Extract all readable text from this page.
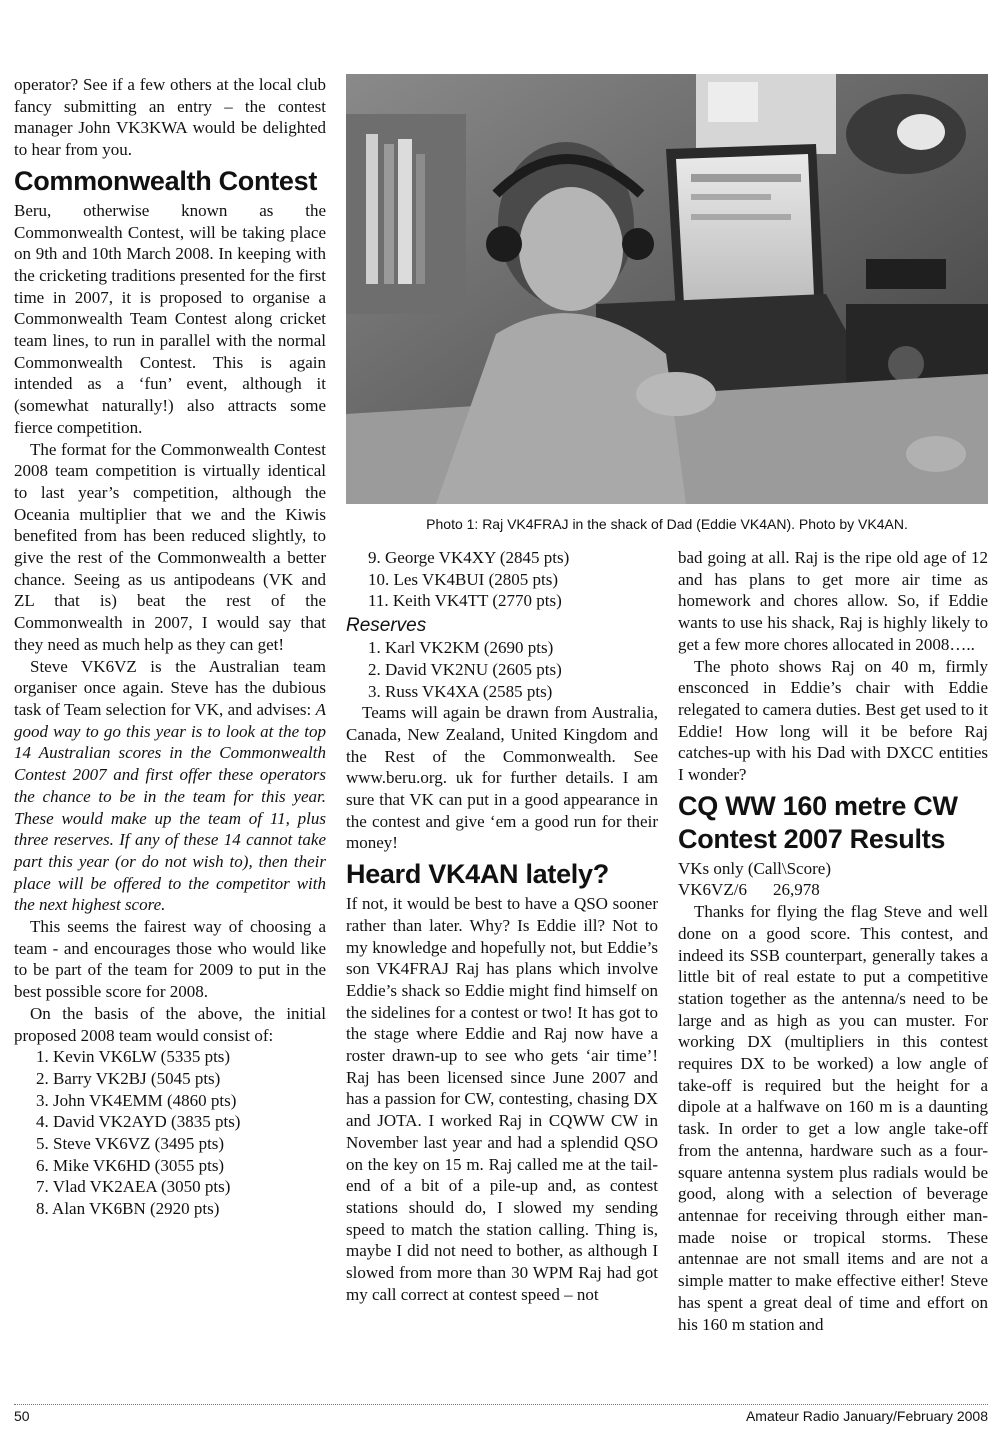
operator? See if a few others at the local club fancy submitting an entry – the contest manager John VK3KWA would be delighted to hear from you.

Commonwealth Contest

Beru, otherwise known as the Commonwealth Contest, will be taking place on 9th and 10th March 2008. In keeping with the cricketing traditions presented for the first time in 2007, it is proposed to organise a Commonwealth Team Contest along cricket team lines, to run in parallel with the normal Commonwealth Contest. This is again intended as a ‘fun’ event, although it (somewhat naturally!) also attracts some fierce competition.

The format for the Commonwealth Contest 2008 team competition is virtually identical to last year’s competition, although the Oceania multiplier that we and the Kiwis benefited from has been reduced slightly, to give the rest of the Commonwealth a better chance. Seeing as us antipodeans (VK and ZL that is) beat the rest of the Commonwealth in 2007, I would say that they need as much help as they can get!

Steve VK6VZ is the Australian team organiser once again. Steve has the dubious task of Team selection for VK, and advises: A good way to go this year is to look at the top 14 Australian scores in the Commonwealth Contest 2007 and first offer these operators the chance to be in the team for this year. These would make up the team of 11, plus three reserves. If any of these 14 cannot take part this year (or do not wish to), then their place will be offered to the competitor with the next highest score.

This seems the fairest way of choosing a team - and encourages those who would like to be part of the team for 2009 to put in the best possible score for 2008.

On the basis of the above, the initial proposed 2008 team would consist of:

1. Kevin VK6LW (5335 pts)
2. Barry VK2BJ (5045 pts)
3. John VK4EMM (4860 pts)
4. David VK2AYD (3835 pts)
5. Steve VK6VZ (3495 pts)
6. Mike VK6HD (3055 pts)
7. Vlad VK2AEA (3050 pts)
8. Alan VK6BN (2920 pts)
Photo 1: Raj VK4FRAJ in the shack of Dad (Eddie VK4AN). Photo by VK4AN.
9. George VK4XY (2845 pts)
10. Les VK4BUI (2805 pts)
11. Keith VK4TT (2770 pts)
Reserves
1. Karl VK2KM (2690 pts)
2. David VK2NU (2605 pts)
3. Russ VK4XA (2585 pts)

Teams will again be drawn from Australia, Canada, New Zealand, United Kingdom and the Rest of the Commonwealth. See www.beru.org. uk for further details. I am sure that VK can put in a good appearance in the contest and give ‘em a good run for their money!

Heard VK4AN lately?

If not, it would be best to have a QSO sooner rather than later. Why? Is Eddie ill? Not to my knowledge and hopefully not, but Eddie’s son VK4FRAJ Raj has plans which involve Eddie’s shack so Eddie might find himself on the sidelines for a contest or two! It has got to the stage where Eddie and Raj now have a roster drawn-up to see who gets ‘air time’! Raj has been licensed since June 2007 and has a passion for CW, contesting, chasing DX and JOTA. I worked Raj in CQWW CW in November last year and had a splendid QSO on the key on 15 m. Raj called me at the tail-end of a bit of a pile-up and, as contest stations should do, I slowed my sending speed to match the station calling. Thing is, maybe I did not need to bother, as although I slowed from more than 30 WPM Raj had got my call correct at contest speed – not

bad going at all. Raj is the ripe old age of 12 and has plans to get more air time as homework and chores allow. So, if Eddie wants to use his shack, Raj is highly likely to get a few more chores allocated in 2008…..

The photo shows Raj on 40 m, firmly ensconced in Eddie’s chair with Eddie relegated to camera duties. Best get used to it Eddie! How long will it be before Raj catches-up with his Dad with DXCC entities I wonder?

CQ WW 160 metre CW Contest 2007 Results
VKs only (Call\Score)
VK6VZ/6 26,978

Thanks for flying the flag Steve and well done on a good score. This contest, and indeed its SSB counterpart, generally takes a little bit of real estate to put a competitive station together as the antenna/s need to be large and as high as you can muster. For working DX (multipliers in this contest requires DX to be worked) a low angle of take-off is required but the height for a dipole at a halfwave on 160 m is a daunting task. In order to get a low angle take-off from the antenna, hardware such as a four-square antenna system plus radials would be good, along with a selection of beverage antennae for receiving through either man-made noise or tropical storms. These antennae are not small items and are not a simple matter to make effective either! Steve has spent a great deal of time and effort on his 160 m station and

50	Amateur Radio January/February 2008
